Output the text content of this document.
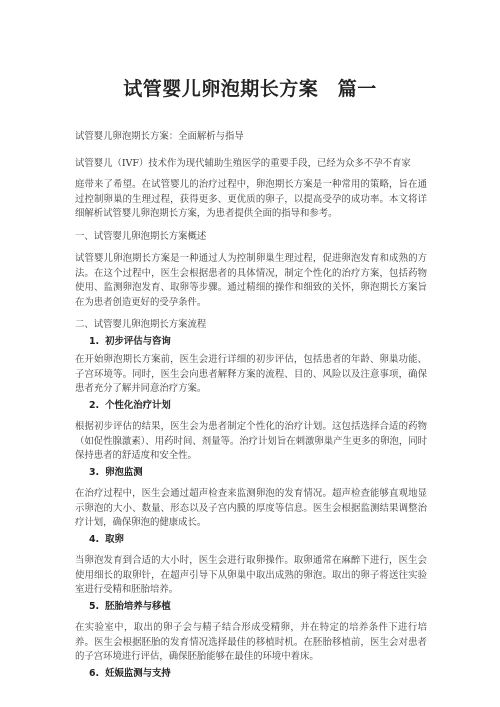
试管婴儿卵泡期长方案　篇一

试管婴儿卵泡期长方案：全面解析与指导

试管婴儿（IVF）技术作为现代辅助生殖医学的重要手段，已经为众多不孕不育家

庭带来了希望。在试管婴儿的治疗过程中，卵泡期长方案是一种常用的策略，旨在通过控制卵巢的生理过程，获得更多、更优质的卵子，以提高受孕的成功率。本文将详细解析试管婴儿卵泡期长方案，为患者提供全面的指导和参考。

一、试管婴儿卵泡期长方案概述

试管婴儿卵泡期长方案是一种通过人为控制卵巢生理过程，促进卵泡发育和成熟的方法。在这个过程中，医生会根据患者的具体情况，制定个性化的治疗方案，包括药物使用、监测卵泡发育、取卵等步骤。通过精细的操作和细致的关怀，卵泡期长方案旨在为患者创造更好的受孕条件。

二、试管婴儿卵泡期长方案流程

1. 初步评估与咨询

在开始卵泡期长方案前，医生会进行详细的初步评估，包括患者的年龄、卵巢功能、子宫环境等。同时，医生会向患者解释方案的流程、目的、风险以及注意事项，确保患者充分了解并同意治疗方案。

2. 个性化治疗计划

根据初步评估的结果，医生会为患者制定个性化的治疗计划。这包括选择合适的药物（如促性腺激素）、用药时间、剂量等。治疗计划旨在刺激卵巢产生更多的卵泡，同时保持患者的舒适度和安全性。

3. 卵泡监测

在治疗过程中，医生会通过超声检查来监测卵泡的发育情况。超声检查能够直观地显示卵泡的大小、数量、形态以及子宫内膜的厚度等信息。医生会根据监测结果调整治疗计划，确保卵泡的健康成长。

4. 取卵

当卵泡发育到合适的大小时，医生会进行取卵操作。取卵通常在麻醉下进行，医生会使用细长的取卵针，在超声引导下从卵巢中取出成熟的卵泡。取出的卵子将送往实验室进行受精和胚胎培养。

5. 胚胎培养与移植

在实验室中，取出的卵子会与精子结合形成受精卵，并在特定的培养条件下进行培养。医生会根据胚胎的发育情况选择最佳的移植时机。在胚胎移植前，医生会对患者的子宫环境进行评估，确保胚胎能够在最佳的环境中着床。

6. 妊娠监测与支持
